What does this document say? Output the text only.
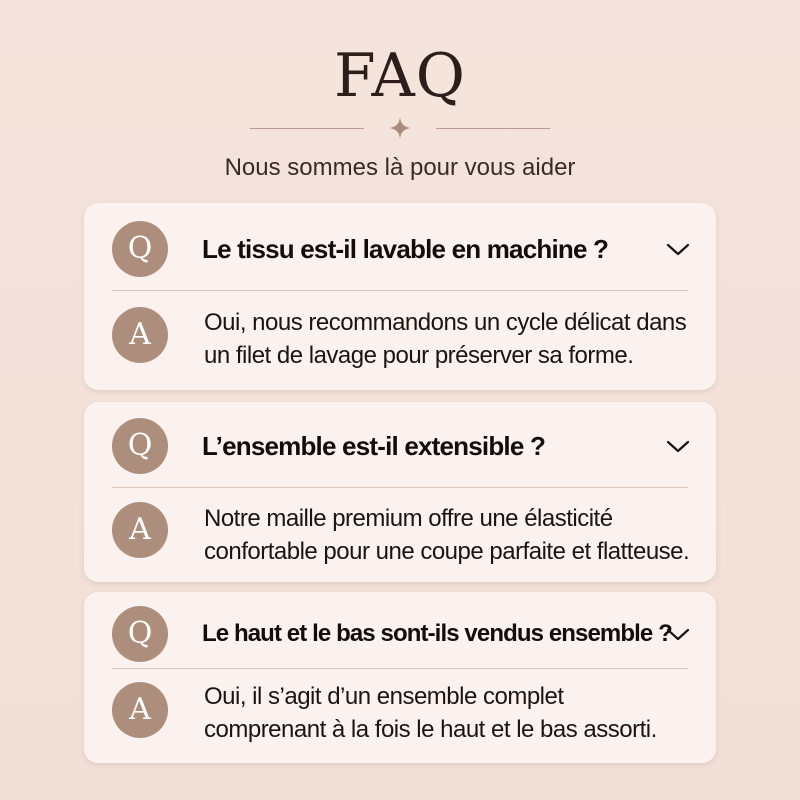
FAQ
Nous sommes là pour vous aider
Q	Le tissu est-il lavable en machine ?
A	Oui, nous recommandons un cycle délicat dans
un filet de lavage pour préserver sa forme.
Q	L’ensemble est-il extensible ?
A	Notre maille premium offre une élasticité
confortable pour une coupe parfaite et flatteuse.
Q	Le haut et le bas sont-ils vendus ensemble ?
A	Oui, il s’agit d’un ensemble complet
comprenant à la fois le haut et le bas assorti.
